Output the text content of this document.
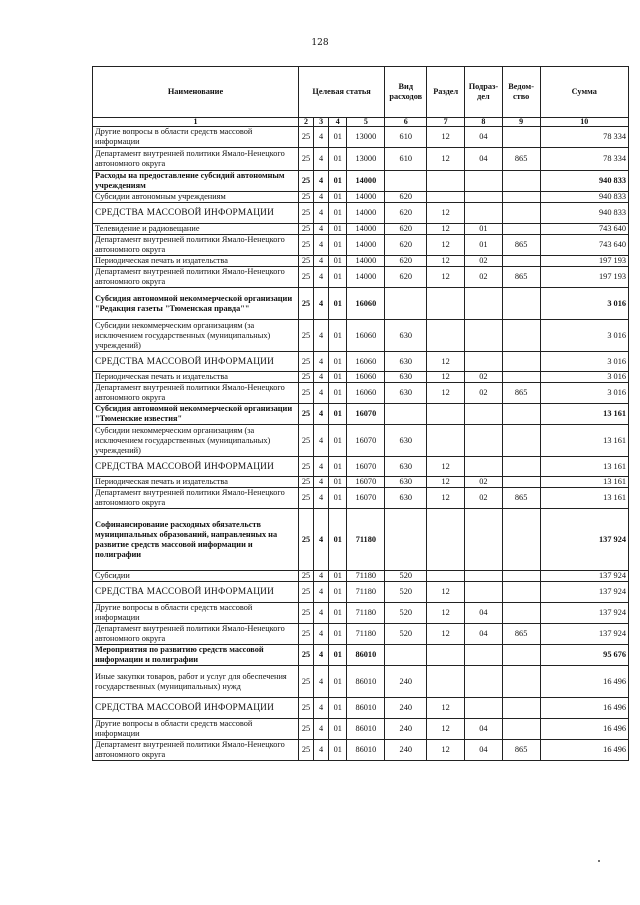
128
Наименование	Целевая статья				Вид расходов	Раздел	Подраз-дел	Ведом-ство	Сумма
1	2	3	4	5	6	7	8	9	10
Другие вопросы в области средств массовой информации	25	4	01	13000	610	12	04		78 334
Департамент внутренней политики Ямало-Ненецкого автономного округа	25	4	01	13000	610	12	04	865	78 334
Расходы на предоставление субсидий автономным учреждениям	25	4	01	14000					940 833
Субсидии автономным учреждениям	25	4	01	14000	620				940 833
СРЕДСТВА МАССОВОЙ ИНФОРМАЦИИ	25	4	01	14000	620	12			940 833
Телевидение и радиовещание	25	4	01	14000	620	12	01		743 640
Департамент внутренней политики Ямало-Ненецкого автономного округа	25	4	01	14000	620	12	01	865	743 640
Периодическая печать и издательства	25	4	01	14000	620	12	02		197 193
Департамент внутренней политики Ямало-Ненецкого автономного округа	25	4	01	14000	620	12	02	865	197 193
Субсидия автономной некоммерческой организации "Редакция газеты "Тюменская правда""	25	4	01	16060					3 016
Субсидии некоммерческим организациям (за исключением государственных (муниципальных) учреждений)	25	4	01	16060	630				3 016
СРЕДСТВА МАССОВОЙ ИНФОРМАЦИИ	25	4	01	16060	630	12			3 016
Периодическая печать и издательства	25	4	01	16060	630	12	02		3 016
Департамент внутренней политики Ямало-Ненецкого автономного округа	25	4	01	16060	630	12	02	865	3 016
Субсидия автономной некоммерческой организации "Тюменские известия"	25	4	01	16070					13 161
Субсидии некоммерческим организациям (за исключением государственных (муниципальных) учреждений)	25	4	01	16070	630				13 161
СРЕДСТВА МАССОВОЙ ИНФОРМАЦИИ	25	4	01	16070	630	12			13 161
Периодическая печать и издательства	25	4	01	16070	630	12	02		13 161
Департамент внутренней политики Ямало-Ненецкого автономного округа	25	4	01	16070	630	12	02	865	13 161
Софинансирование расходных обязательств муниципальных образований, направленных на развитие средств массовой информации и полиграфии	25	4	01	71180					137 924
Субсидии	25	4	01	71180	520				137 924
СРЕДСТВА МАССОВОЙ ИНФОРМАЦИИ	25	4	01	71180	520	12			137 924
Другие вопросы в области средств массовой информации	25	4	01	71180	520	12	04		137 924
Департамент внутренней политики Ямало-Ненецкого автономного округа	25	4	01	71180	520	12	04	865	137 924
Мероприятия по развитию средств массовой информации и полиграфии	25	4	01	86010					95 676
Иные закупки товаров, работ и услуг для обеспечения государственных (муниципальных) нужд	25	4	01	86010	240				16 496
СРЕДСТВА МАССОВОЙ ИНФОРМАЦИИ	25	4	01	86010	240	12			16 496
Другие вопросы в области средств массовой информации	25	4	01	86010	240	12	04		16 496
Департамент внутренней политики Ямало-Ненецкого автономного округа	25	4	01	86010	240	12	04	865	16 496
